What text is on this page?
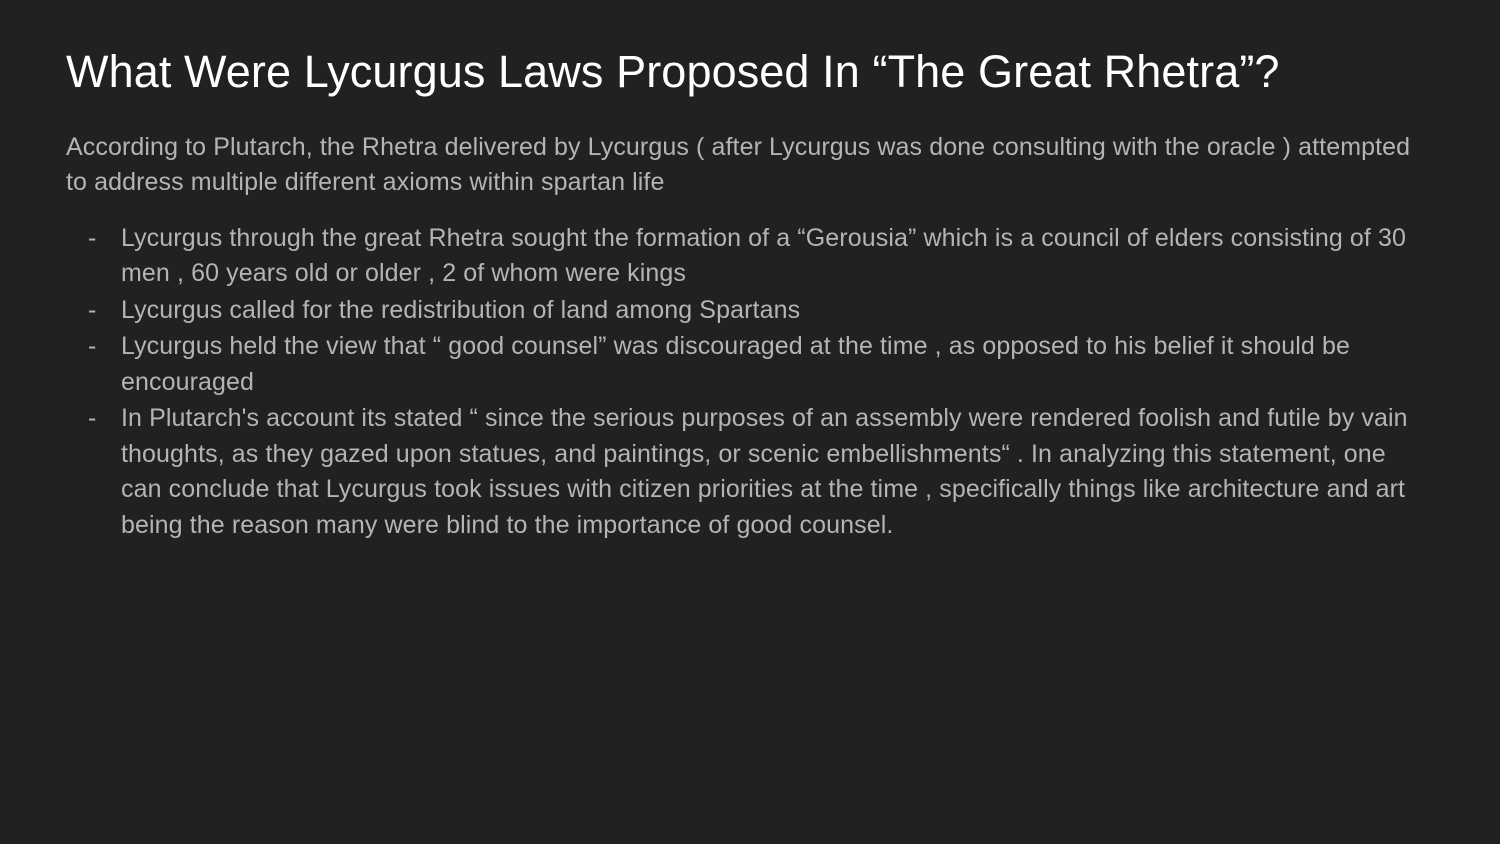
What Were Lycurgus Laws Proposed In “The Great Rhetra”?

According to Plutarch, the Rhetra delivered by Lycurgus ( after Lycurgus was done consulting with the oracle ) attempted to address multiple different axioms within spartan life

- Lycurgus through the great Rhetra sought the formation of a “Gerousia” which is a council of elders consisting of 30 men , 60 years old or older , 2 of whom were kings
- Lycurgus called for the redistribution of land among Spartans
- Lycurgus held the view that “ good counsel” was discouraged at the time , as opposed to his belief it should be encouraged
- In Plutarch's account its stated “ since the serious purposes of an assembly were rendered foolish and futile by vain thoughts, as they gazed upon statues, and paintings, or scenic embellishments“ . In analyzing this statement, one can conclude that Lycurgus took issues with citizen priorities at the time , specifically things like architecture and art being the reason many were blind to the importance of good counsel.
